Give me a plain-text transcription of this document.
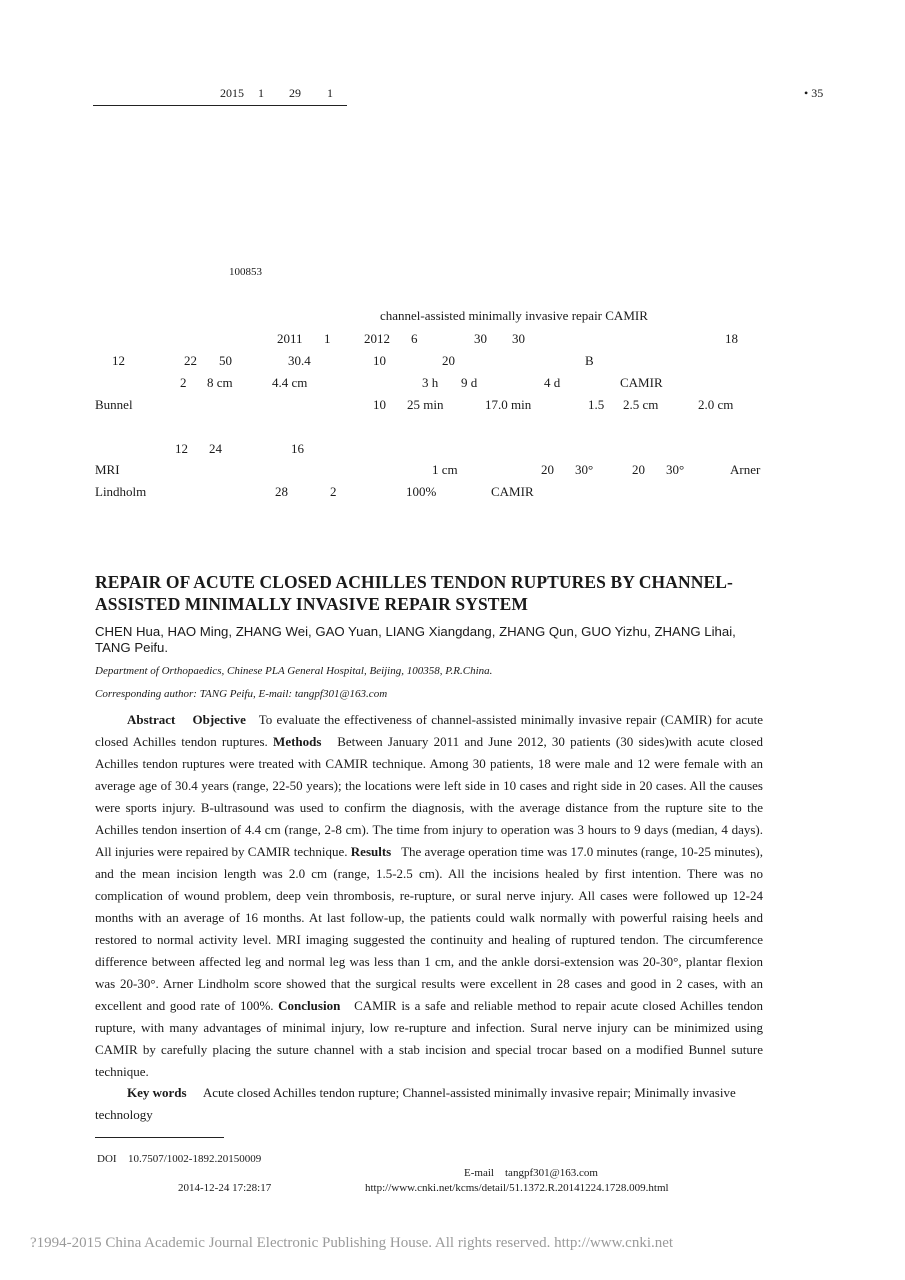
2015 1 29 1	• 35
100853
channel-assisted minimally invasive repair CAMIR
2011 1	2012 6	30 30	18
12	22 50	30.4	10	20	B
2 8 cm	4.4 cm	3 h 9 d	4 d	CAMIR
Bunnel	10 25 min	17.0 min	1.5 2.5 cm	2.0 cm
12 24	16
MRI	1 cm	20 30°	20 30°	Arner
Lindholm	28	2	100%	CAMIR
REPAIR OF ACUTE CLOSED ACHILLES TENDON RUPTURES BY CHANNEL-ASSISTED MINIMALLY INVASIVE REPAIR SYSTEM
CHEN Hua, HAO Ming, ZHANG Wei, GAO Yuan, LIANG Xiangdang, ZHANG Qun, GUO Yizhu, ZHANG Lihai, TANG Peifu.
Department of Orthopaedics, Chinese PLA General Hospital, Beijing, 100358, P.R.China.
Corresponding author: TANG Peifu, E-mail: tangpf301@163.com

Abstract Objective To evaluate the effectiveness of channel-assisted minimally invasive repair (CAMIR) for acute closed Achilles tendon ruptures. Methods Between January 2011 and June 2012, 30 patients (30 sides)with acute closed Achilles tendon ruptures were treated with CAMIR technique. Among 30 patients, 18 were male and 12 were female with an average age of 30.4 years (range, 22-50 years); the locations were left side in 10 cases and right side in 20 cases. All the causes were sports injury. B-ultrasound was used to confirm the diagnosis, with the average distance from the rupture site to the Achilles tendon insertion of 4.4 cm (range, 2-8 cm). The time from injury to operation was 3 hours to 9 days (median, 4 days). All injuries were repaired by CAMIR technique. Results The average operation time was 17.0 minutes (range, 10-25 minutes), and the mean incision length was 2.0 cm (range, 1.5-2.5 cm). All the incisions healed by first intention. There was no complication of wound problem, deep vein thrombosis, re-rupture, or sural nerve injury. All cases were followed up 12-24 months with an average of 16 months. At last follow-up, the patients could walk normally with powerful raising heels and restored to normal activity level. MRI imaging suggested the continuity and healing of ruptured tendon. The circumference difference between affected leg and normal leg was less than 1 cm, and the ankle dorsi-extension was 20-30°, plantar flexion was 20-30°. Arner Lindholm score showed that the surgical results were excellent in 28 cases and good in 2 cases, with an excellent and good rate of 100%. Conclusion CAMIR is a safe and reliable method to repair acute closed Achilles tendon rupture, with many advantages of minimal injury, low re-rupture and infection. Sural nerve injury can be minimized using CAMIR by carefully placing the suture channel with a stab incision and special trocar based on a modified Bunnel suture technique.

Key words Acute closed Achilles tendon rupture; Channel-assisted minimally invasive repair; Minimally invasive technology

DOI 10.7507/1002-1892.20150009
E-mail tangpf301@163.com
2014-12-24 17:28:17	http://www.cnki.net/kcms/detail/51.1372.R.20141224.1728.009.html
?1994-2015 China Academic Journal Electronic Publishing House. All rights reserved. http://www.cnki.net
